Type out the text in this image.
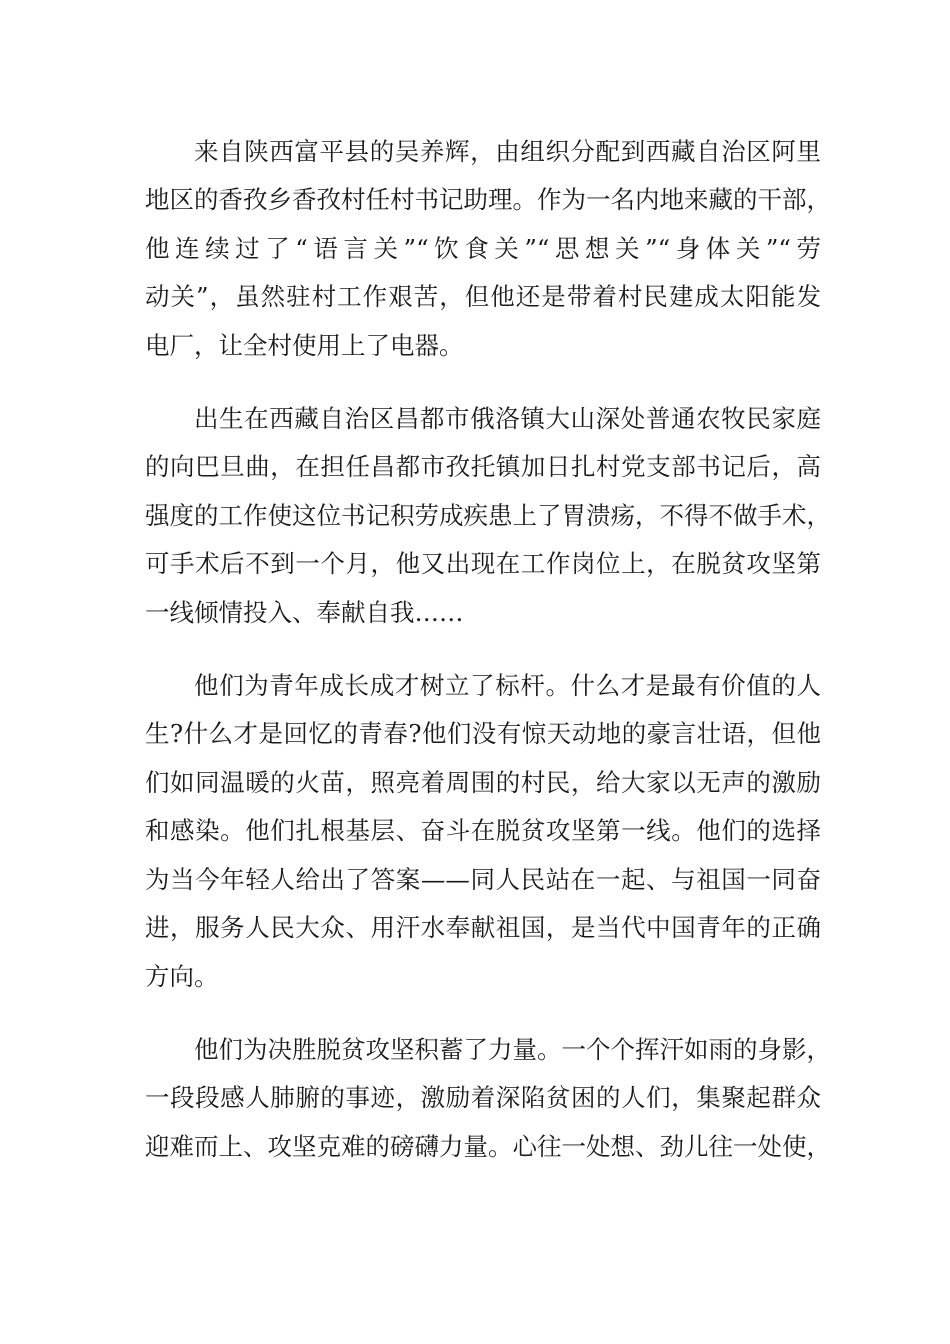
来自陕西富平县的吴养辉，由组织分配到西藏自治区阿里
地区的香孜乡香孜村任村书记助理。作为一名内地来藏的干部，
他连续过了“语言关”“饮食关”“思想关”“身体关”“劳
动关”，虽然驻村工作艰苦，但他还是带着村民建成太阳能发
电厂，让全村使用上了电器。
出生在西藏自治区昌都市俄洛镇大山深处普通农牧民家庭
的向巴旦曲，在担任昌都市孜托镇加日扎村党支部书记后，高
强度的工作使这位书记积劳成疾患上了胃溃疡，不得不做手术，
可手术后不到一个月，他又出现在工作岗位上，在脱贫攻坚第
一线倾情投入、奉献自我……
他们为青年成长成才树立了标杆。什么才是最有价值的人
生?什么才是回忆的青春?他们没有惊天动地的豪言壮语，但他
们如同温暖的火苗，照亮着周围的村民，给大家以无声的激励
和感染。他们扎根基层、奋斗在脱贫攻坚第一线。他们的选择
为当今年轻人给出了答案——同人民站在一起、与祖国一同奋
进，服务人民大众、用汗水奉献祖国，是当代中国青年的正确
方向。
他们为决胜脱贫攻坚积蓄了力量。一个个挥汗如雨的身影，
一段段感人肺腑的事迹，激励着深陷贫困的人们，集聚起群众
迎难而上、攻坚克难的磅礴力量。心往一处想、劲儿往一处使，
